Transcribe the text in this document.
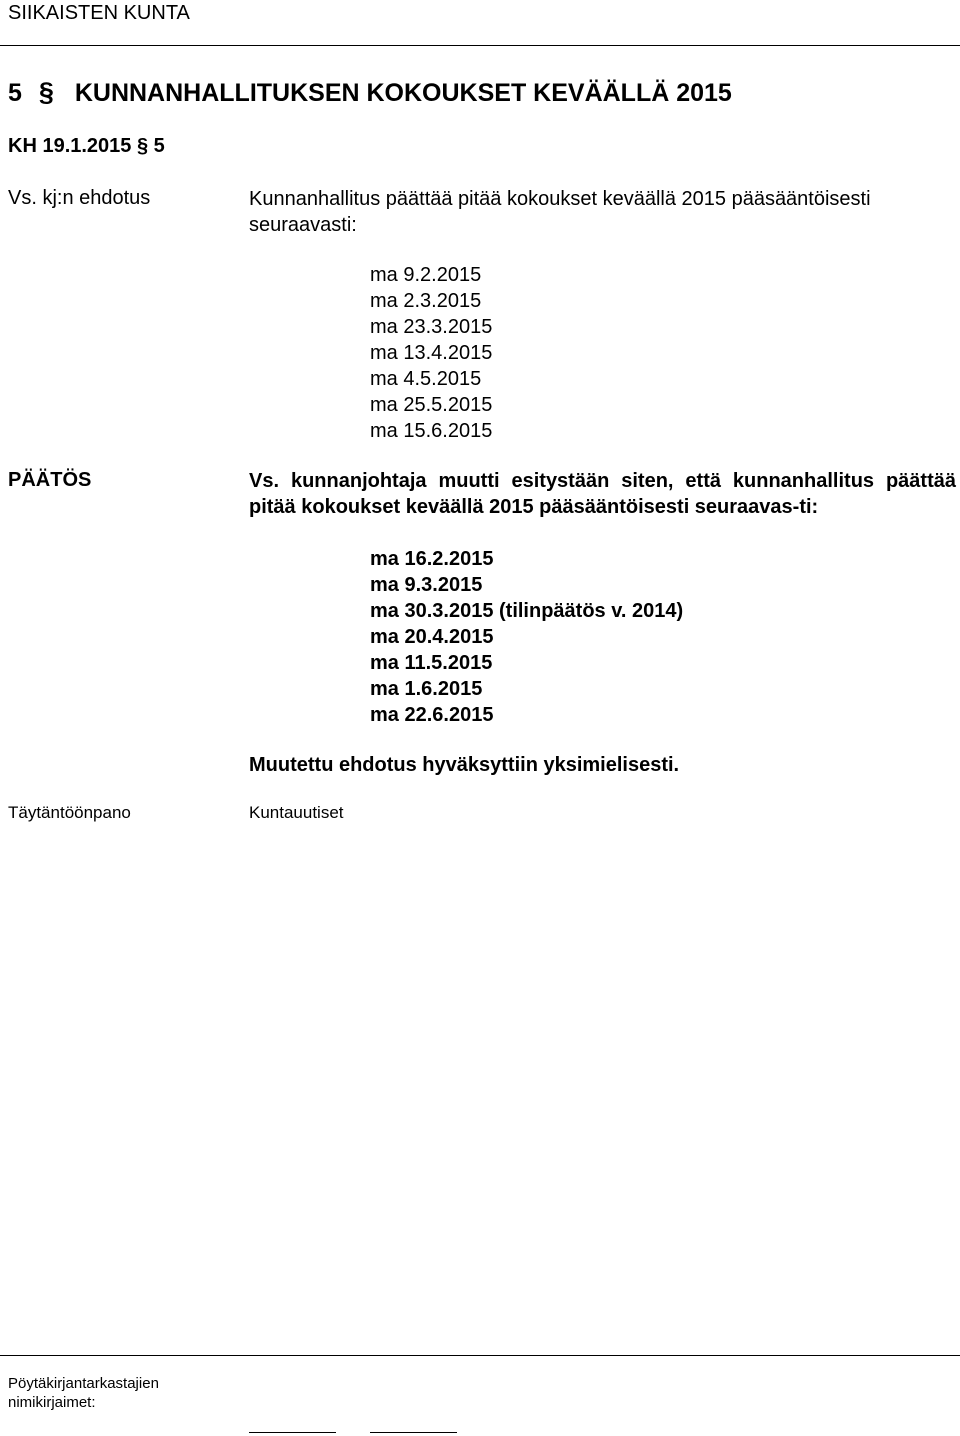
SIIKAISTEN KUNTA
5 § KUNNANHALLITUKSEN KOKOUKSET KEVÄÄLLÄ 2015
KH 19.1.2015 § 5
Vs. kj:n ehdotus	Kunnanhallitus päättää pitää kokoukset keväällä 2015 pääsääntöisesti seuraavasti:
ma 9.2.2015
ma 2.3.2015
ma 23.3.2015
ma 13.4.2015
ma 4.5.2015
ma 25.5.2015
ma 15.6.2015
PÄÄTÖS	Vs. kunnanjohtaja muutti esitystään siten, että kunnanhallitus päättää pitää kokoukset keväällä 2015 pääsääntöisesti seuraavas-ti:
ma 16.2.2015
ma 9.3.2015
ma 30.3.2015 (tilinpäätös v. 2014)
ma 20.4.2015
ma 11.5.2015
ma 1.6.2015
ma 22.6.2015
Muutettu ehdotus hyväksyttiin yksimielisesti.
Täytäntöönpano	Kuntauutiset
Pöytäkirjantarkastajien nimikirjaimet:
